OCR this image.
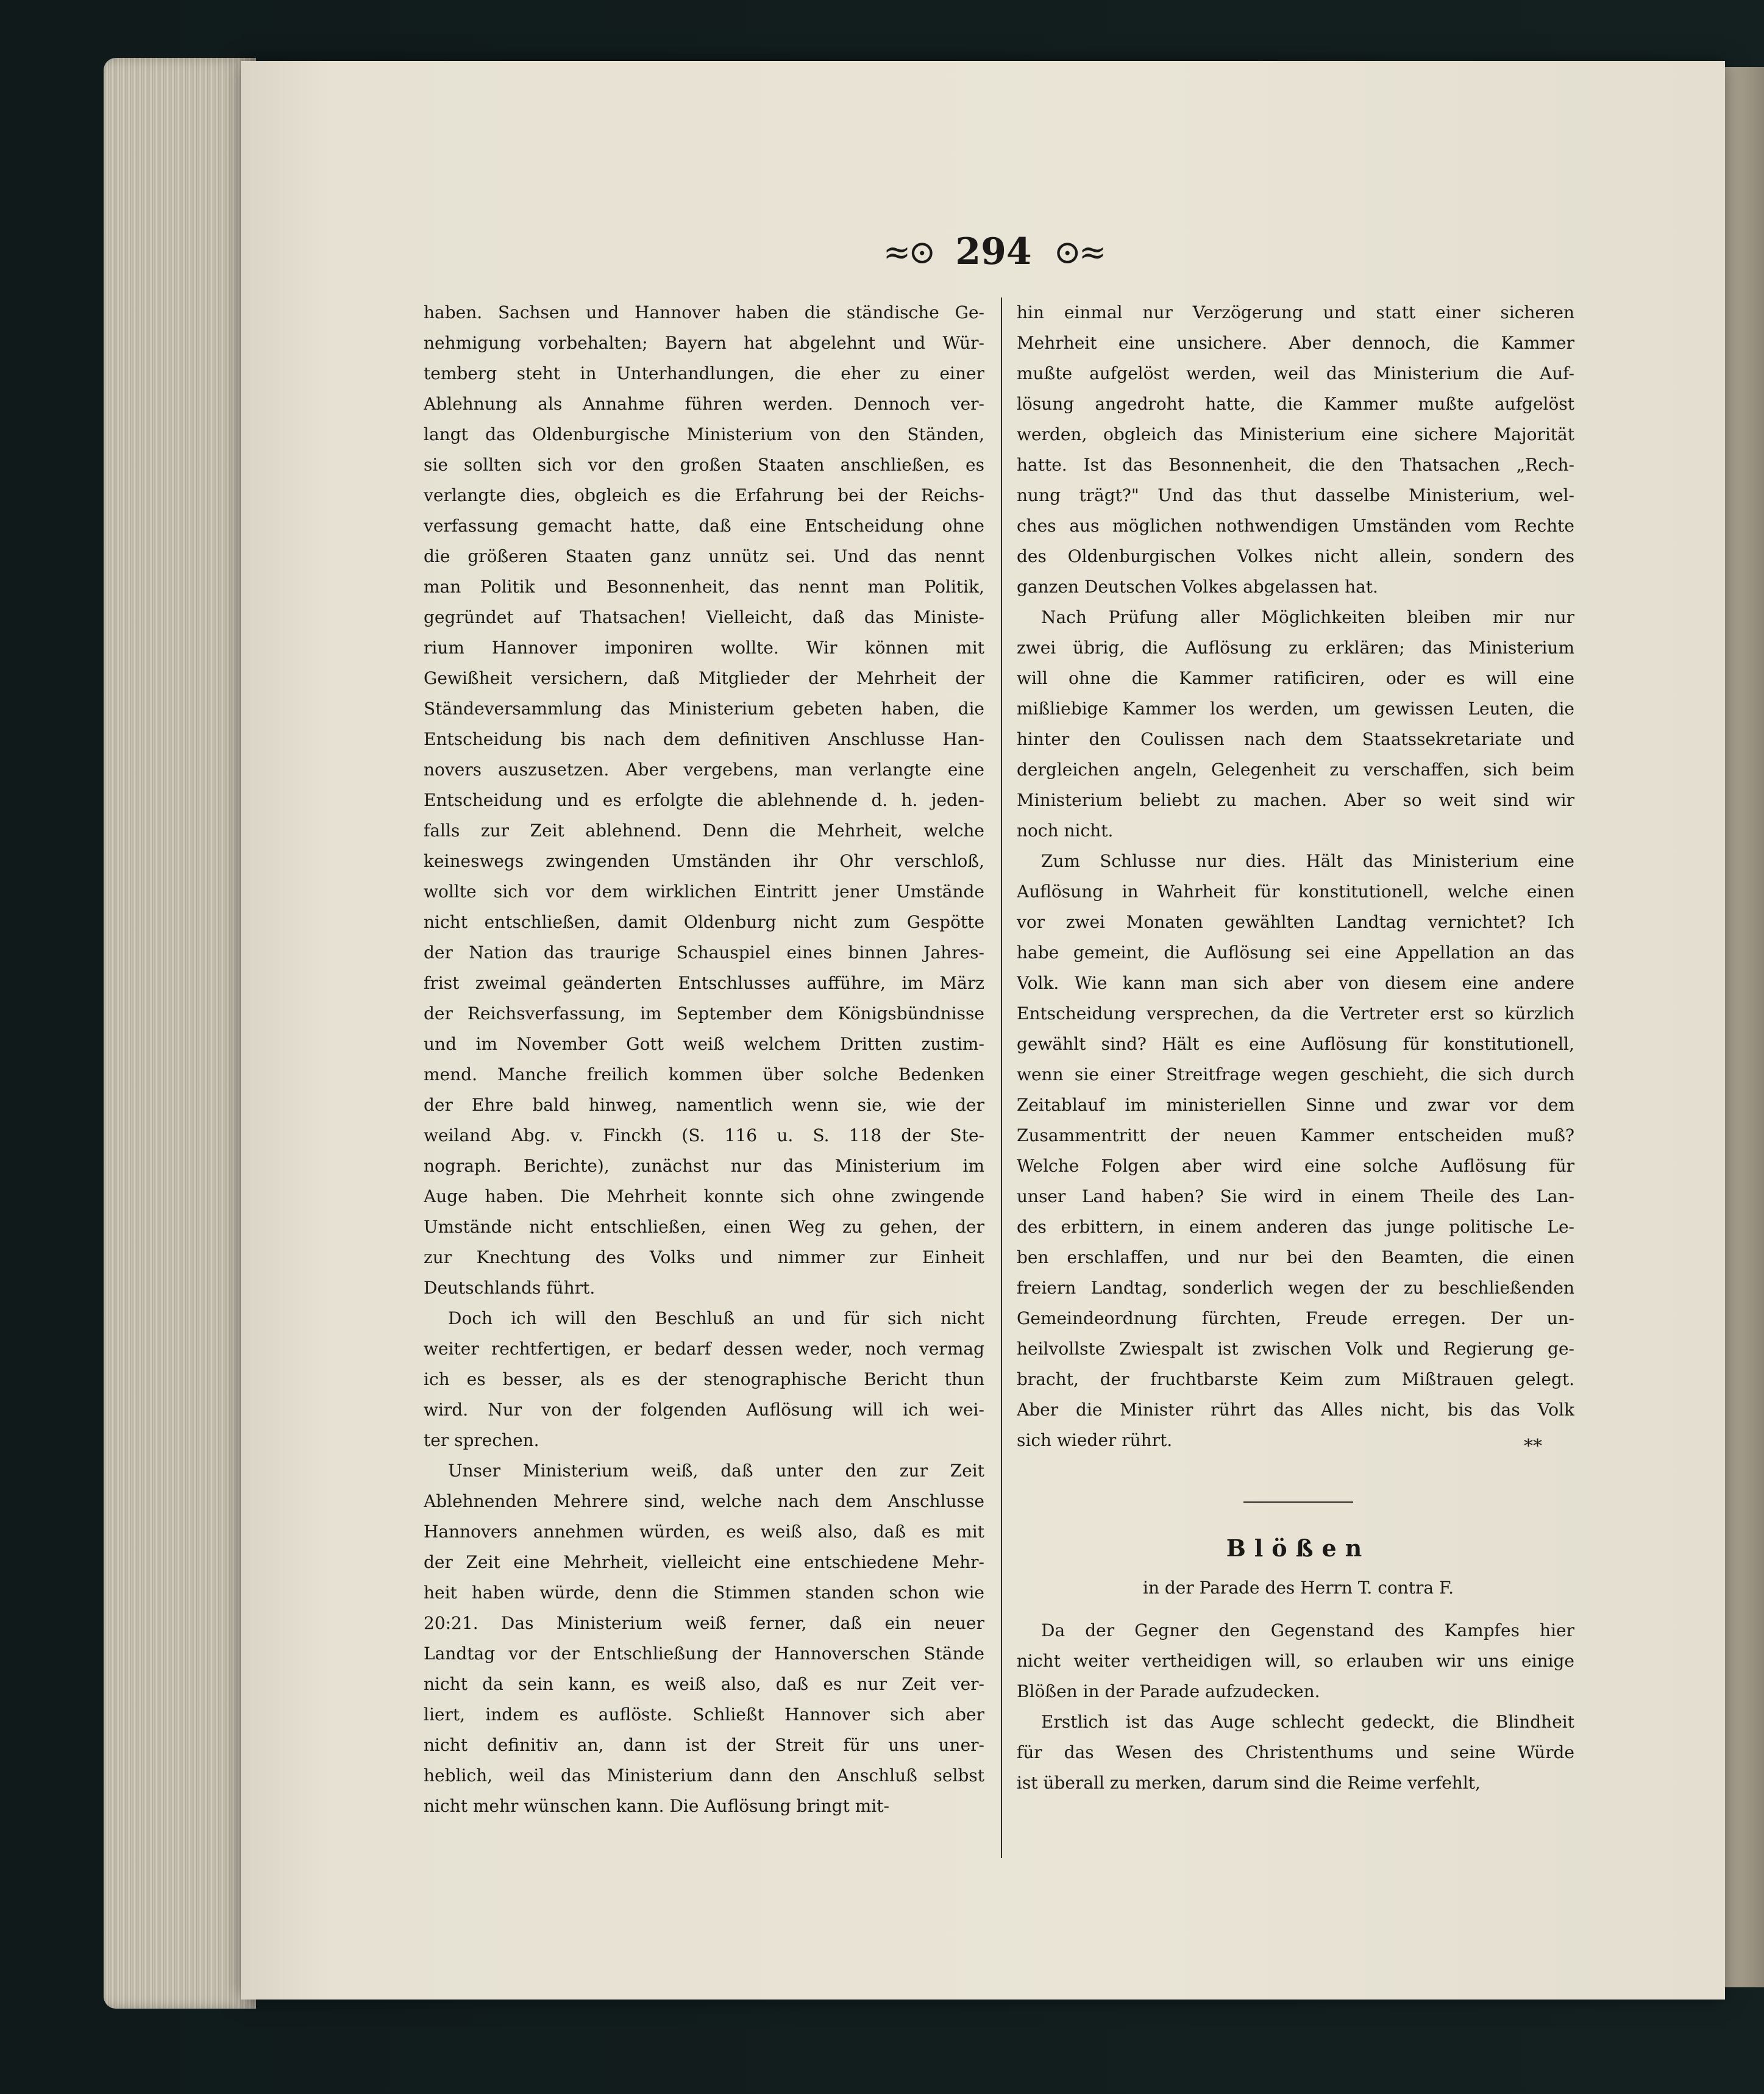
≈⊙ 294 ⊙≈
haben. Sachsen und Hannover haben die ständische Ge-
nehmigung vorbehalten; Bayern hat abgelehnt und Wür-
temberg steht in Unterhandlungen, die eher zu einer
Ablehnung als Annahme führen werden. Dennoch ver-
langt das Oldenburgische Ministerium von den Ständen,
sie sollten sich vor den großen Staaten anschließen, es
verlangte dies, obgleich es die Erfahrung bei der Reichs-
verfassung gemacht hatte, daß eine Entscheidung ohne
die größeren Staaten ganz unnütz sei. Und das nennt
man Politik und Besonnenheit, das nennt man Politik,
gegründet auf Thatsachen! Vielleicht, daß das Ministe-
rium Hannover imponiren wollte. Wir können mit
Gewißheit versichern, daß Mitglieder der Mehrheit der
Ständeversammlung das Ministerium gebeten haben, die
Entscheidung bis nach dem definitiven Anschlusse Han-
novers auszusetzen. Aber vergebens, man verlangte eine
Entscheidung und es erfolgte die ablehnende d. h. jeden-
falls zur Zeit ablehnend. Denn die Mehrheit, welche
keineswegs zwingenden Umständen ihr Ohr verschloß,
wollte sich vor dem wirklichen Eintritt jener Umstände
nicht entschließen, damit Oldenburg nicht zum Gespötte
der Nation das traurige Schauspiel eines binnen Jahres-
frist zweimal geänderten Entschlusses aufführe, im März
der Reichsverfassung, im September dem Königsbündnisse
und im November Gott weiß welchem Dritten zustim-
mend. Manche freilich kommen über solche Bedenken
der Ehre bald hinweg, namentlich wenn sie, wie der
weiland Abg. v. Finckh (S. 116 u. S. 118 der Ste-
nograph. Berichte), zunächst nur das Ministerium im
Auge haben. Die Mehrheit konnte sich ohne zwingende
Umstände nicht entschließen, einen Weg zu gehen, der
zur Knechtung des Volks und nimmer zur Einheit
Deutschlands führt.
Doch ich will den Beschluß an und für sich nicht
weiter rechtfertigen, er bedarf dessen weder, noch vermag
ich es besser, als es der stenographische Bericht thun
wird. Nur von der folgenden Auflösung will ich wei-
ter sprechen.
Unser Ministerium weiß, daß unter den zur Zeit
Ablehnenden Mehrere sind, welche nach dem Anschlusse
Hannovers annehmen würden, es weiß also, daß es mit
der Zeit eine Mehrheit, vielleicht eine entschiedene Mehr-
heit haben würde, denn die Stimmen standen schon wie
20:21. Das Ministerium weiß ferner, daß ein neuer
Landtag vor der Entschließung der Hannoverschen Stände
nicht da sein kann, es weiß also, daß es nur Zeit ver-
liert, indem es auflöste. Schließt Hannover sich aber
nicht definitiv an, dann ist der Streit für uns uner-
heblich, weil das Ministerium dann den Anschluß selbst
nicht mehr wünschen kann. Die Auflösung bringt mit-
hin einmal nur Verzögerung und statt einer sicheren
Mehrheit eine unsichere. Aber dennoch, die Kammer
mußte aufgelöst werden, weil das Ministerium die Auf-
lösung angedroht hatte, die Kammer mußte aufgelöst
werden, obgleich das Ministerium eine sichere Majorität
hatte. Ist das Besonnenheit, die den Thatsachen „Rech-
nung trägt?" Und das thut dasselbe Ministerium, wel-
ches aus möglichen nothwendigen Umständen vom Rechte
des Oldenburgischen Volkes nicht allein, sondern des
ganzen Deutschen Volkes abgelassen hat.
Nach Prüfung aller Möglichkeiten bleiben mir nur
zwei übrig, die Auflösung zu erklären; das Ministerium
will ohne die Kammer ratificiren, oder es will eine
mißliebige Kammer los werden, um gewissen Leuten, die
hinter den Coulissen nach dem Staatssekretariate und
dergleichen angeln, Gelegenheit zu verschaffen, sich beim
Ministerium beliebt zu machen. Aber so weit sind wir
noch nicht.
Zum Schlusse nur dies. Hält das Ministerium eine
Auflösung in Wahrheit für konstitutionell, welche einen
vor zwei Monaten gewählten Landtag vernichtet? Ich
habe gemeint, die Auflösung sei eine Appellation an das
Volk. Wie kann man sich aber von diesem eine andere
Entscheidung versprechen, da die Vertreter erst so kürzlich
gewählt sind? Hält es eine Auflösung für konstitutionell,
wenn sie einer Streitfrage wegen geschieht, die sich durch
Zeitablauf im ministeriellen Sinne und zwar vor dem
Zusammentritt der neuen Kammer entscheiden muß?
Welche Folgen aber wird eine solche Auflösung für
unser Land haben? Sie wird in einem Theile des Lan-
des erbittern, in einem anderen das junge politische Le-
ben erschlaffen, und nur bei den Beamten, die einen
freiern Landtag, sonderlich wegen der zu beschließenden
Gemeindeordnung fürchten, Freude erregen. Der un-
heilvollste Zwiespalt ist zwischen Volk und Regierung ge-
bracht, der fruchtbarste Keim zum Mißtrauen gelegt.
Aber die Minister rührt das Alles nicht, bis das Volk
sich wieder rührt.	**
Blößen
in der Parade des Herrn T. contra F.
Da der Gegner den Gegenstand des Kampfes hier
nicht weiter vertheidigen will, so erlauben wir uns einige
Blößen in der Parade aufzudecken.
Erstlich ist das Auge schlecht gedeckt, die Blindheit
für das Wesen des Christenthums und seine Würde
ist überall zu merken, darum sind die Reime verfehlt,
